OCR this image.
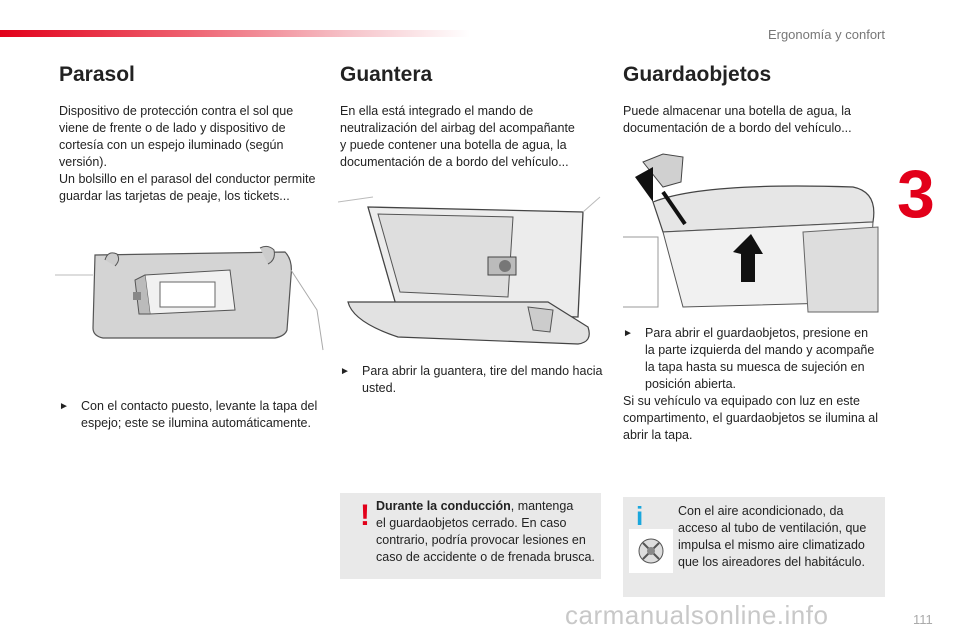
Ergonomía y confort
3
Parasol

Dispositivo de protección contra el sol que

viene de frente o de lado y dispositivo de

cortesía con un espejo iluminado (según

versión).

Un bolsillo en el parasol del conductor permite

guardar las tarjetas de peaje, los tickets...

► Con el contacto puesto, levante la tapa del
espejo; este se ilumina automáticamente.
Guantera

En ella está integrado el mando de

neutralización del airbag del acompañante

y puede contener una botella de agua, la

documentación de a bordo del vehículo...

► Para abrir la guantera, tire del mando hacia
usted.
Guardaobjetos

Puede almacenar una botella de agua, la

documentación de a bordo del vehículo...

► Para abrir el guardaobjetos, presione en
la parte izquierda del mando y acompañe
la tapa hasta su muesca de sujeción en
posición abierta.

Si su vehículo va equipado con luz en este

compartimento, el guardaobjetos se ilumina al

abrir la tapa.

! Durante la conducción, mantenga
el guardaobjetos cerrado. En caso
contrario, podría provocar lesiones en
caso de accidente o de frenada brusca.
i	Con el aire acondicionado, da
acceso al tubo de ventilación, que
impulsa el mismo aire climatizado
que los aireadores del habitáculo.
carmanualsonline.info	111
